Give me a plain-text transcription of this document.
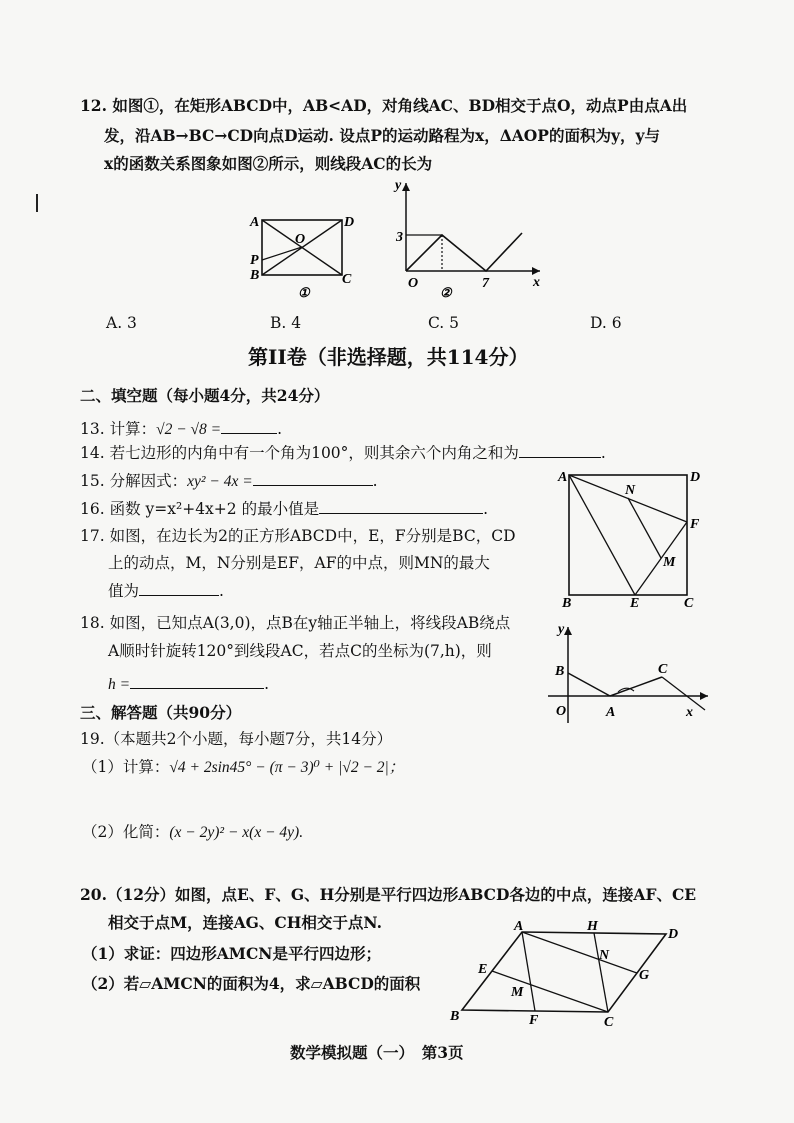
12. 如图①，在矩形ABCD中，AB<AD，对角线AC、BD相交于点O，动点P由点A出
发，沿AB→BC→CD向点D运动. 设点P的运动路程为x，ΔAOP的面积为y，y与
x的函数关系图象如图②所示，则线段AC的长为
A	D
O
P
B	C
①
y
3
O	7	x
②
A. 3	B. 4	C. 5	D. 6
第II卷（非选择题，共114分）
二、填空题（每小题4分，共24分）
13. 计算：√2 − √8 =	.
14. 若七边形的内角中有一个角为100°，则其余六个内角之和为	.
15. 分解因式：xy² − 4x =	.
16. 函数 y=x²+4x+2 的最小值是	.
17. 如图，在边长为2的正方形ABCD中，E，F分别是BC，CD
上的动点，M，N分别是EF，AF的中点，则MN的最大
值为	.
A	D
N
F
M
B	E	C
18. 如图，已知点A(3,0)，点B在y轴正半轴上，将线段AB绕点
A顺时针旋转120°到线段AC，若点C的坐标为(7,h)，则
h =	.
y
B	C
O	A	x
三、解答题（共90分）
19.（本题共2个小题，每小题7分，共14分）
（1）计算：√4 + 2sin45° − (π − 3)⁰ + |√2 − 2|；
（2）化简：(x − 2y)² − x(x − 4y).
20.（12分）如图，点E、F、G、H分别是平行四边形ABCD各边的中点，连接AF、CE
相交于点M，连接AG、CH相交于点N.
（1）求证：四边形AMCN是平行四边形；
（2）若▱AMCN的面积为4，求▱ABCD的面积
A	H
D
N
E	G
M
B	F	C
数学模拟题（一）　第3页
